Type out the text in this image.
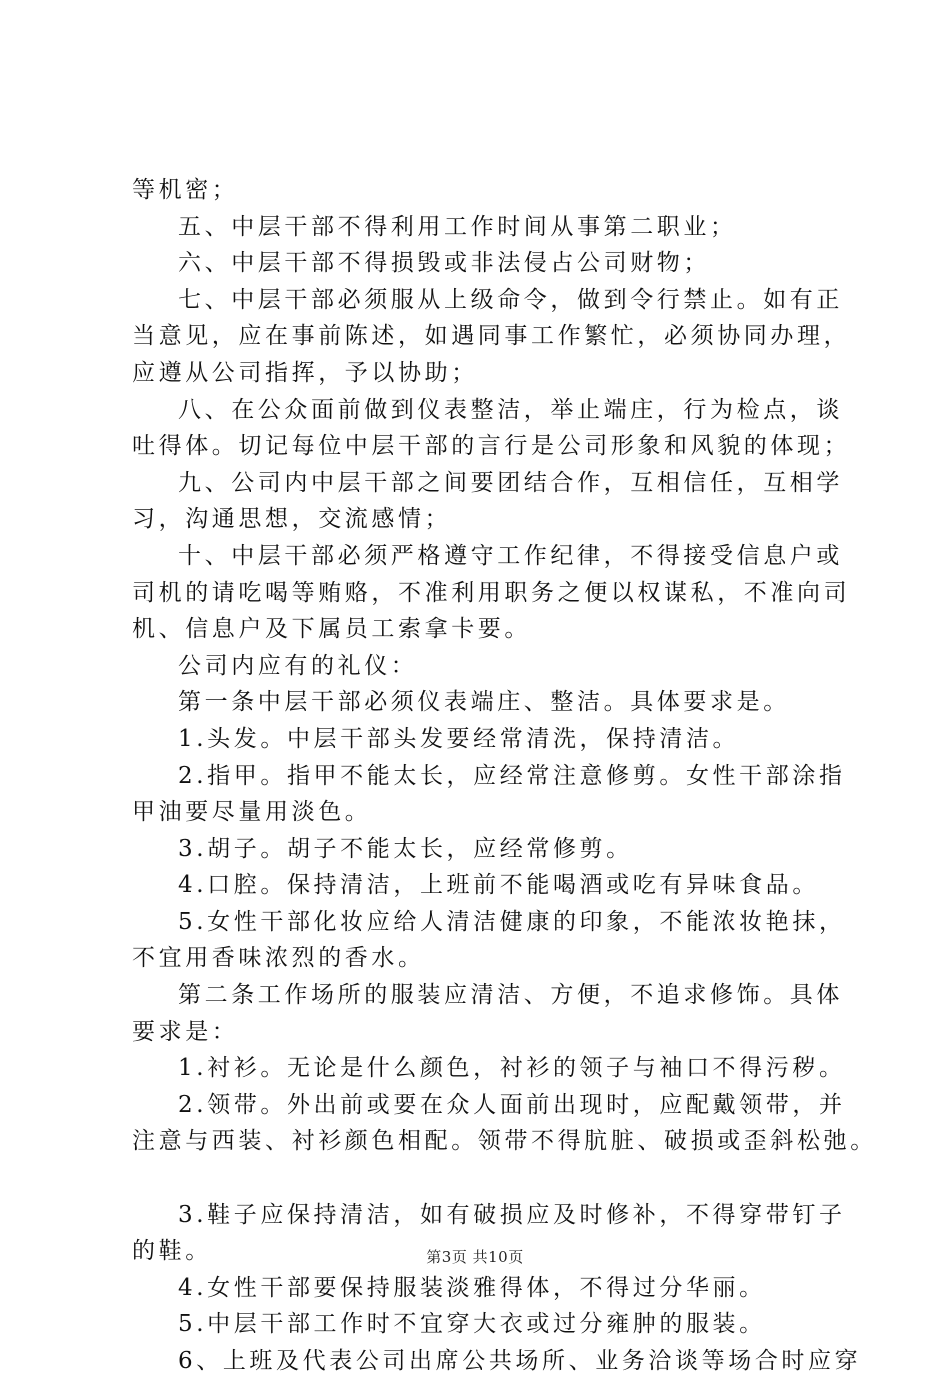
等机密；
五、中层干部不得利用工作时间从事第二职业；
六、中层干部不得损毁或非法侵占公司财物；
七、中层干部必须服从上级命令，做到令行禁止。如有正
当意见，应在事前陈述，如遇同事工作繁忙，必须协同办理，
应遵从公司指挥，予以协助；
八、在公众面前做到仪表整洁，举止端庄，行为检点，谈
吐得体。切记每位中层干部的言行是公司形象和风貌的体现；
九、公司内中层干部之间要团结合作，互相信任，互相学
习，沟通思想，交流感情；
十、中层干部必须严格遵守工作纪律，不得接受信息户或
司机的请吃喝等贿赂，不准利用职务之便以权谋私，不准向司
机、信息户及下属员工索拿卡要。
公司内应有的礼仪：
第一条中层干部必须仪表端庄、整洁。具体要求是。
1.头发。中层干部头发要经常清洗，保持清洁。
2.指甲。指甲不能太长，应经常注意修剪。女性干部涂指
甲油要尽量用淡色。
3.胡子。胡子不能太长，应经常修剪。
4.口腔。保持清洁，上班前不能喝酒或吃有异味食品。
5.女性干部化妆应给人清洁健康的印象，不能浓妆艳抹，
不宜用香味浓烈的香水。
第二条工作场所的服装应清洁、方便，不追求修饰。具体
要求是：
1.衬衫。无论是什么颜色，衬衫的领子与袖口不得污秽。
2.领带。外出前或要在众人面前出现时，应配戴领带，并
注意与西装、衬衫颜色相配。领带不得肮脏、破损或歪斜松弛。
3.鞋子应保持清洁，如有破损应及时修补，不得穿带钉子
的鞋。
4.女性干部要保持服装淡雅得体，不得过分华丽。
5.中层干部工作时不宜穿大衣或过分雍肿的服装。
6、上班及代表公司出席公共场所、业务洽谈等场合时应穿
第3页 共10页
